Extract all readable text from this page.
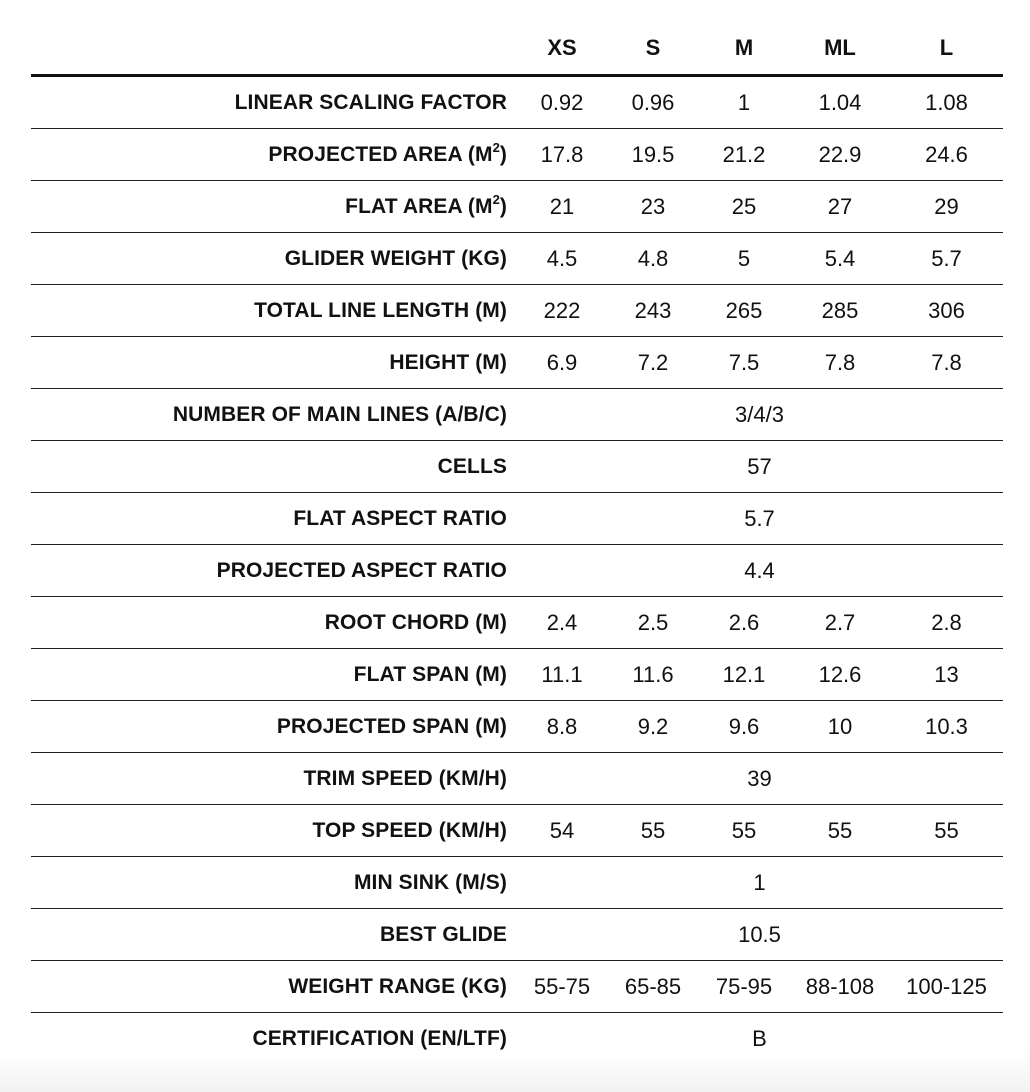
	XS	S	M	ML	L
LINEAR SCALING FACTOR	0.92	0.96	1	1.04	1.08
PROJECTED AREA $(M^2)$	17.8	19.5	21.2	22.9	24.6
FLAT AREA $(M^2)$	21	23	25	27	29
GLIDER WEIGHT (KG)	4.5	4.8	5	5.4	5.7
TOTAL LINE LENGTH (M)	222	243	265	285	306
HEIGHT (M)	6.9	7.2	7.5	7.8	7.8
NUMBER OF MAIN LINES (A/B/C)	3/4/3				
CELLS	57				
FLAT ASPECT RATIO	5.7				
PROJECTED ASPECT RATIO	4.4				
ROOT CHORD (M)	2.4	2.5	2.6	2.7	2.8
FLAT SPAN (M)	11.1	11.6	12.1	12.6	13
PROJECTED SPAN (M)	8.8	9.2	9.6	10	10.3
TRIM SPEED (KM/H)	39				
TOP SPEED (KM/H)	54	55	55	55	55
MIN SINK (M/S)	1				
BEST GLIDE	10.5				
WEIGHT RANGE (KG)	55-75	65-85	75-95	88-108	100-125
CERTIFICATION (EN/LTF)	B				
